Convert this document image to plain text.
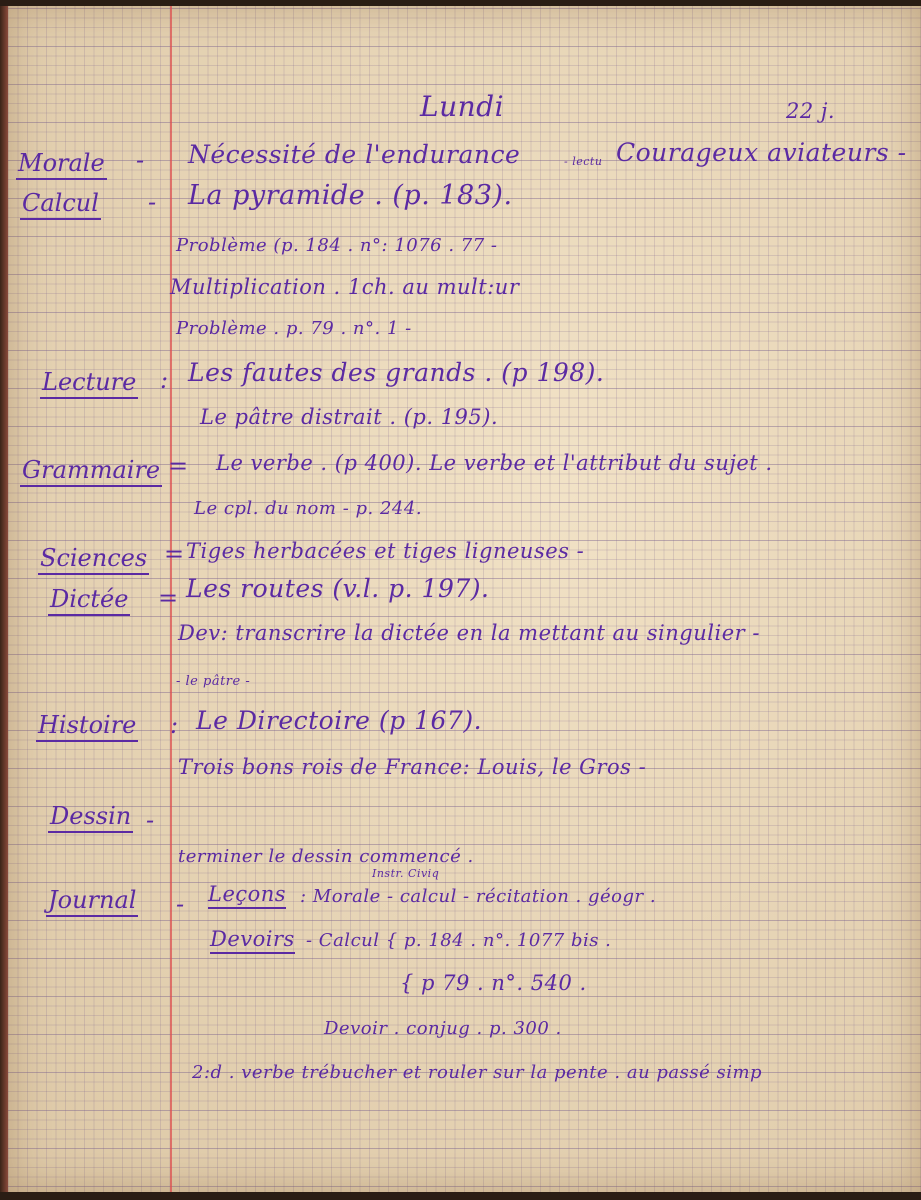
Lundi	22 j.
Morale - Nécessité de l'endurance	- lectu Courageux aviateurs -
Calcul - La pyramide . (p. 183).
Problème (p. 184 . n°: 1076 . 77 -
Multiplication . 1ch. au mult:ur
Problème . p. 79 . n°. 1 -
Lecture : Les fautes des grands . (p 198).
Le pâtre distrait . (p. 195).
Grammaire = Le verbe . (p 400). Le verbe et l'attribut du sujet .
Le cpl. du nom - p. 244.
Sciences = Tiges herbacées et tiges ligneuses -
Dictée = Les routes (v.l. p. 197).
Dev: transcrire la dictée en la mettant au singulier -
- le pâtre -
Histoire : Le Directoire (p 167).
Trois bons rois de France: Louis, le Gros -
Dessin -
terminer le dessin commencé .
Journal - Leçons
Instr. Civiq
: Morale - calcul - récitation . géogr .
Devoirs - Calcul { p. 184 . n°. 1077 bis .
{ p 79 . n°. 540 .
Devoir . conjug . p. 300 .
2:d . verbe trébucher et rouler sur la pente . au passé simp
